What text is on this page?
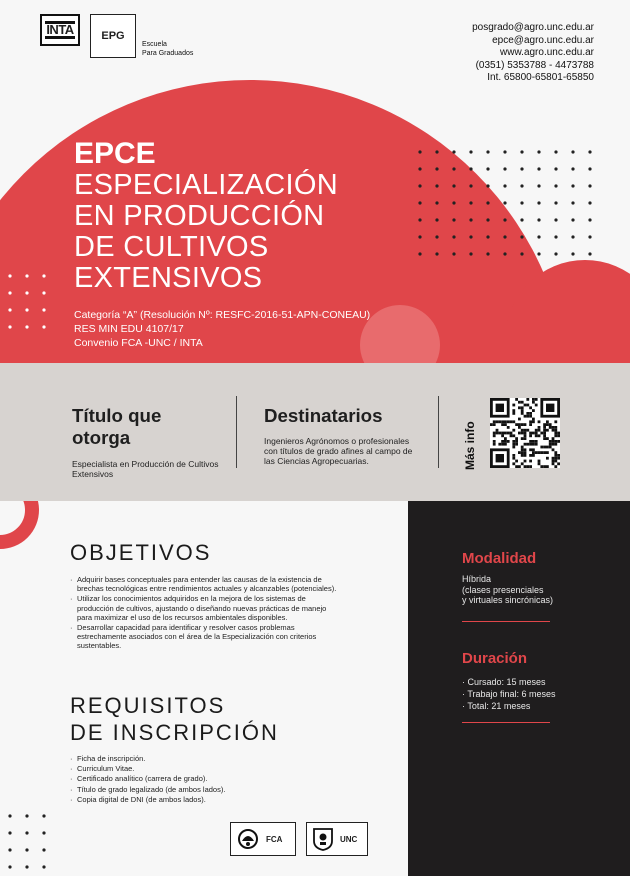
INTA	EPG
Escuela
Para Graduados
posgrado@agro.unc.edu.ar
epce@agro.unc.edu.ar
www.agro.unc.edu.ar
(0351) 5353788 - 4473788
Int. 65800-65801-65850
EPCE
ESPECIALIZACIÓN
EN PRODUCCIÓN
DE CULTIVOS
EXTENSIVOS
Categoría “A” (Resolución Nº: RESFC-2016-51-APN-CONEAU)
RES MIN EDU 4107/17
Convenio FCA -UNC / INTA
Título que
otorga

Especialista en Producción de Cultivos Extensivos

Destinatarios

Ingenieros Agrónomos o profesionales con títulos de grado afines al campo de las Ciencias Agropecuarias.	Más info
Modalidad
Híbrida
(clases presenciales
y virtuales sincrónicas)
Duración
· Cursado: 15 meses
· Trabajo final: 6 meses
· Total: 21 meses
OBJETIVOS
· Adquirir bases conceptuales para entender las causas de la existencia de brechas tecnológicas entre rendimientos actuales y alcanzables (potenciales).
· Utilizar los conocimientos adquiridos en la mejora de los sistemas de producción de cultivos, ajustando o diseñando nuevas prácticas de manejo para maximizar el uso de los recursos ambientales disponibles.
· Desarrollar capacidad para identificar y resolver casos problemas estrechamente asociados con el área de la Especialización con criterios sustentables.
REQUISITOS
DE INSCRIPCIÓN
· Ficha de inscripción.
· Curriculum Vitae.
· Certificado analítico (carrera de grado).
· Título de grado legalizado (de ambos lados).
· Copia digital de DNI (de ambos lados).
FCA	UNC
